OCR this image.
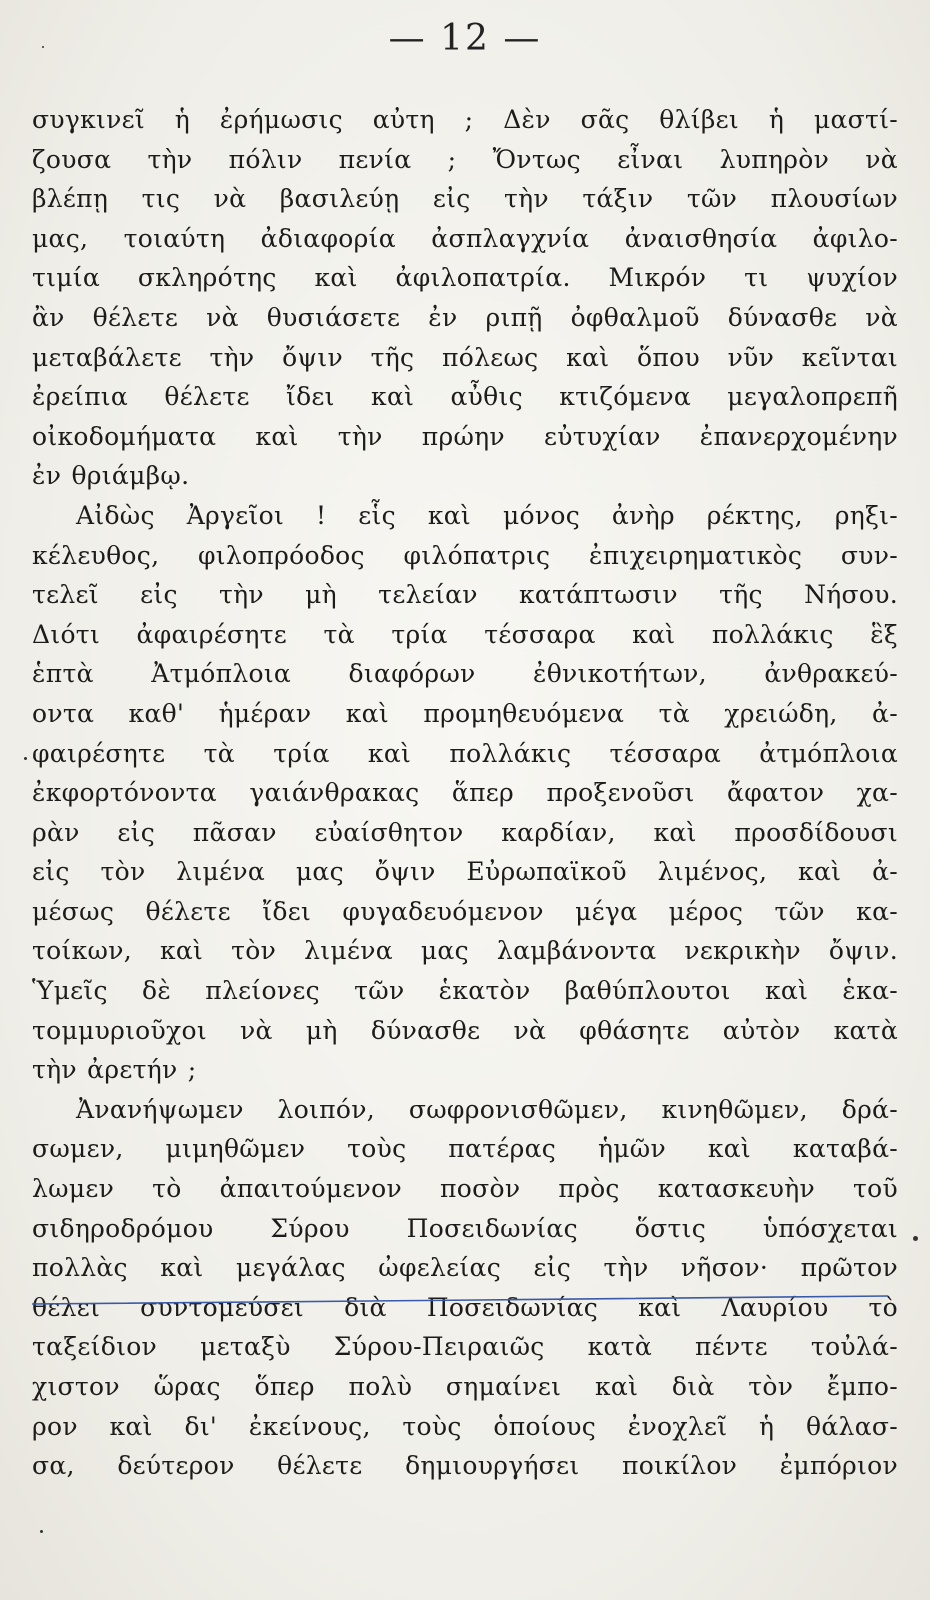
— 12 —
συγκινεῖ ἡ ἐρήμωσις αὐτη ; Δὲν σᾶς θλίβει ἡ μαστί-
ζουσα τὴν πόλιν πενία ; Ὄντως εἶναι λυπηρὸν νὰ
βλέπῃ τις νὰ βασιλεύῃ εἰς τὴν τάξιν τῶν πλουσίων
μας, τοιαύτη ἀδιαφορία ἀσπλαγχνία ἀναισθησία ἀφιλο-
τιμία σκληρότης καὶ ἀφιλοπατρία. Μικρόν τι ψυχίον
ἂν θέλετε νὰ θυσιάσετε ἐν ριπῇ ὀφθαλμοῦ δύνασθε νὰ
μεταβάλετε τὴν ὄψιν τῆς πόλεως καὶ ὅπου νῦν κεῖνται
ἐρείπια θέλετε ἴδει καὶ αὖθις κτιζόμενα μεγαλοπρεπῆ
οἰκοδομήματα καὶ τὴν πρώην εὐτυχίαν ἐπανερχομένην
ἐν θριάμβῳ.
Αἰδὼς Ἀργεῖοι ! εἷς καὶ μόνος ἀνὴρ ρέκτης, ρηξι-
κέλευθος, φιλοπρόοδος φιλόπατρις ἐπιχειρηματικὸς συν-
τελεῖ εἰς τὴν μὴ τελείαν κατάπτωσιν τῆς Νήσου.
Διότι ἀφαιρέσητε τὰ τρία τέσσαρα καὶ πολλάκις ἓξ
ἑπτὰ Ἀτμόπλοια διαφόρων ἐθνικοτήτων, ἀνθρακεύ-
οντα καθ' ἡμέραν καὶ προμηθευόμενα τὰ χρειώδη, ἀ-
φαιρέσητε τὰ τρία καὶ πολλάκις τέσσαρα ἀτμόπλοια
ἐκφορτόνοντα γαιάνθρακας ἅπερ προξενοῦσι ἄφατον χα-
ρὰν εἰς πᾶσαν εὐαίσθητον καρδίαν, καὶ προσδίδουσι
εἰς τὸν λιμένα μας ὄψιν Εὐρωπαϊκοῦ λιμένος, καὶ ἀ-
μέσως θέλετε ἴδει φυγαδευόμενον μέγα μέρος τῶν κα-
τοίκων, καὶ τὸν λιμένα μας λαμβάνοντα νεκρικὴν ὄψιν.
Ὑμεῖς δὲ πλείονες τῶν ἑκατὸν βαθύπλουτοι καὶ ἑκα-
τομμυριοῦχοι νὰ μὴ δύνασθε νὰ φθάσητε αὐτὸν κατὰ
τὴν ἀρετήν ;
Ἀνανήψωμεν λοιπόν, σωφρονισθῶμεν, κινηθῶμεν, δρά-
σωμεν, μιμηθῶμεν τοὺς πατέρας ἡμῶν καὶ καταβά-
λωμεν τὸ ἀπαιτούμενον ποσὸν πρὸς κατασκευὴν τοῦ
σιδηροδρόμου Σύρου Ποσειδωνίας ὅστις ὑπόσχεται
πολλὰς καὶ μεγάλας ὠφελείας εἰς τὴν νῆσον· πρῶτον
θέλει συντομεύσει διὰ Ποσειδωνίας καὶ Λαυρίου τὸ
ταξείδιον μεταξὺ Σύρου-Πειραιῶς κατὰ πέντε τοὐλά-
χιστον ὥρας ὅπερ πολὺ σημαίνει καὶ διὰ τὸν ἔμπο-
ρον καὶ δι' ἐκείνους, τοὺς ὁποίους ἐνοχλεῖ ἡ θάλασ-
σα, δεύτερον θέλετε δημιουργήσει ποικίλον ἐμπόριον
